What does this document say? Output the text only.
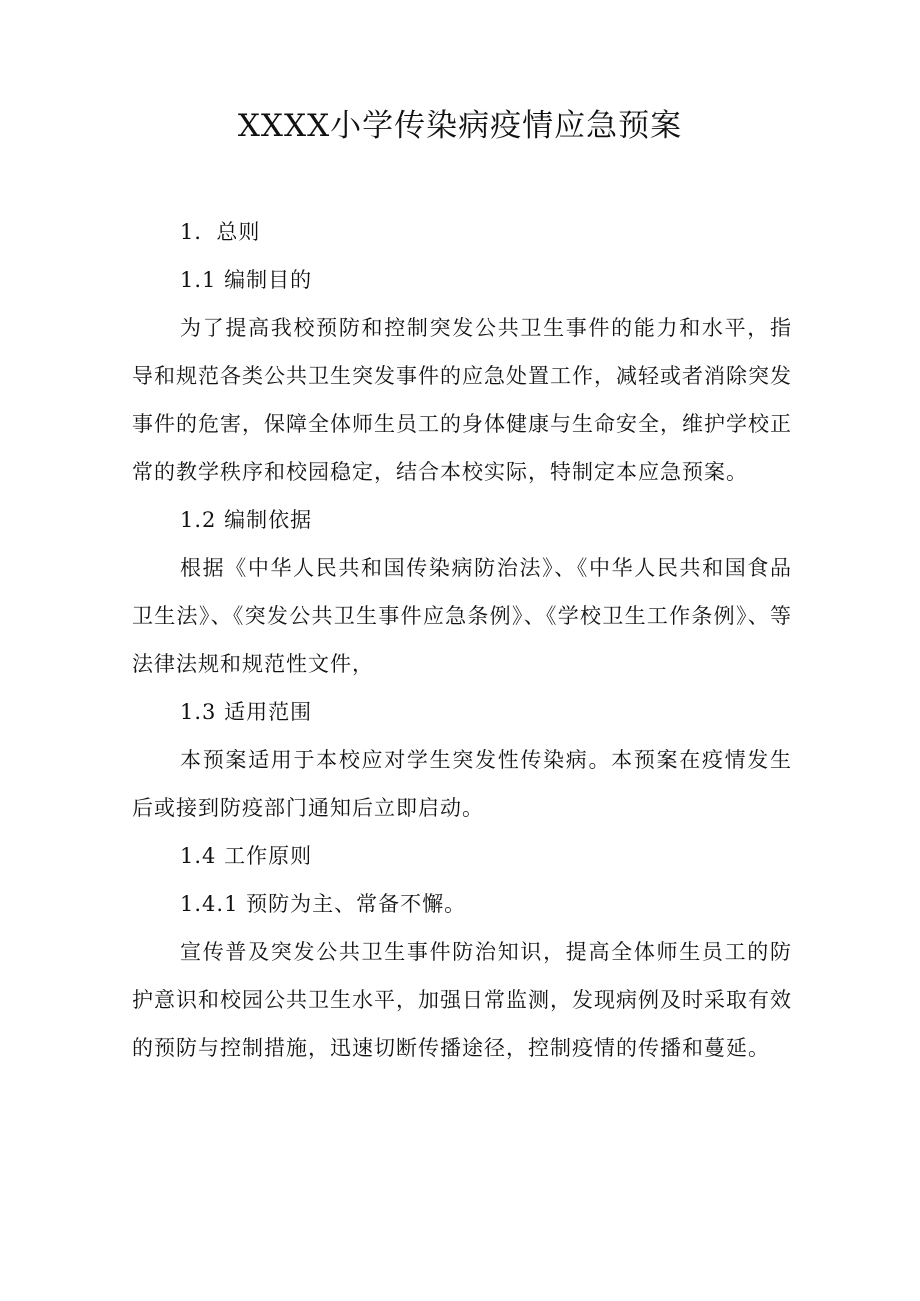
XXXX小学传染病疫情应急预案

1．总则

1.1 编制目的

为了提高我校预防和控制突发公共卫生事件的能力和水平，指导和规范各类公共卫生突发事件的应急处置工作，减轻或者消除突发事件的危害，保障全体师生员工的身体健康与生命安全，维护学校正常的教学秩序和校园稳定，结合本校实际，特制定本应急预案。

1.2 编制依据

根据《中华人民共和国传染病防治法》、《中华人民共和国食品卫生法》、《突发公共卫生事件应急条例》、《学校卫生工作条例》、等法律法规和规范性文件，

1.3 适用范围

本预案适用于本校应对学生突发性传染病。本预案在疫情发生后或接到防疫部门通知后立即启动。

1.4 工作原则

1.4.1 预防为主、常备不懈。

宣传普及突发公共卫生事件防治知识，提高全体师生员工的防护意识和校园公共卫生水平，加强日常监测，发现病例及时采取有效的预防与控制措施，迅速切断传播途径，控制疫情的传播和蔓延。
